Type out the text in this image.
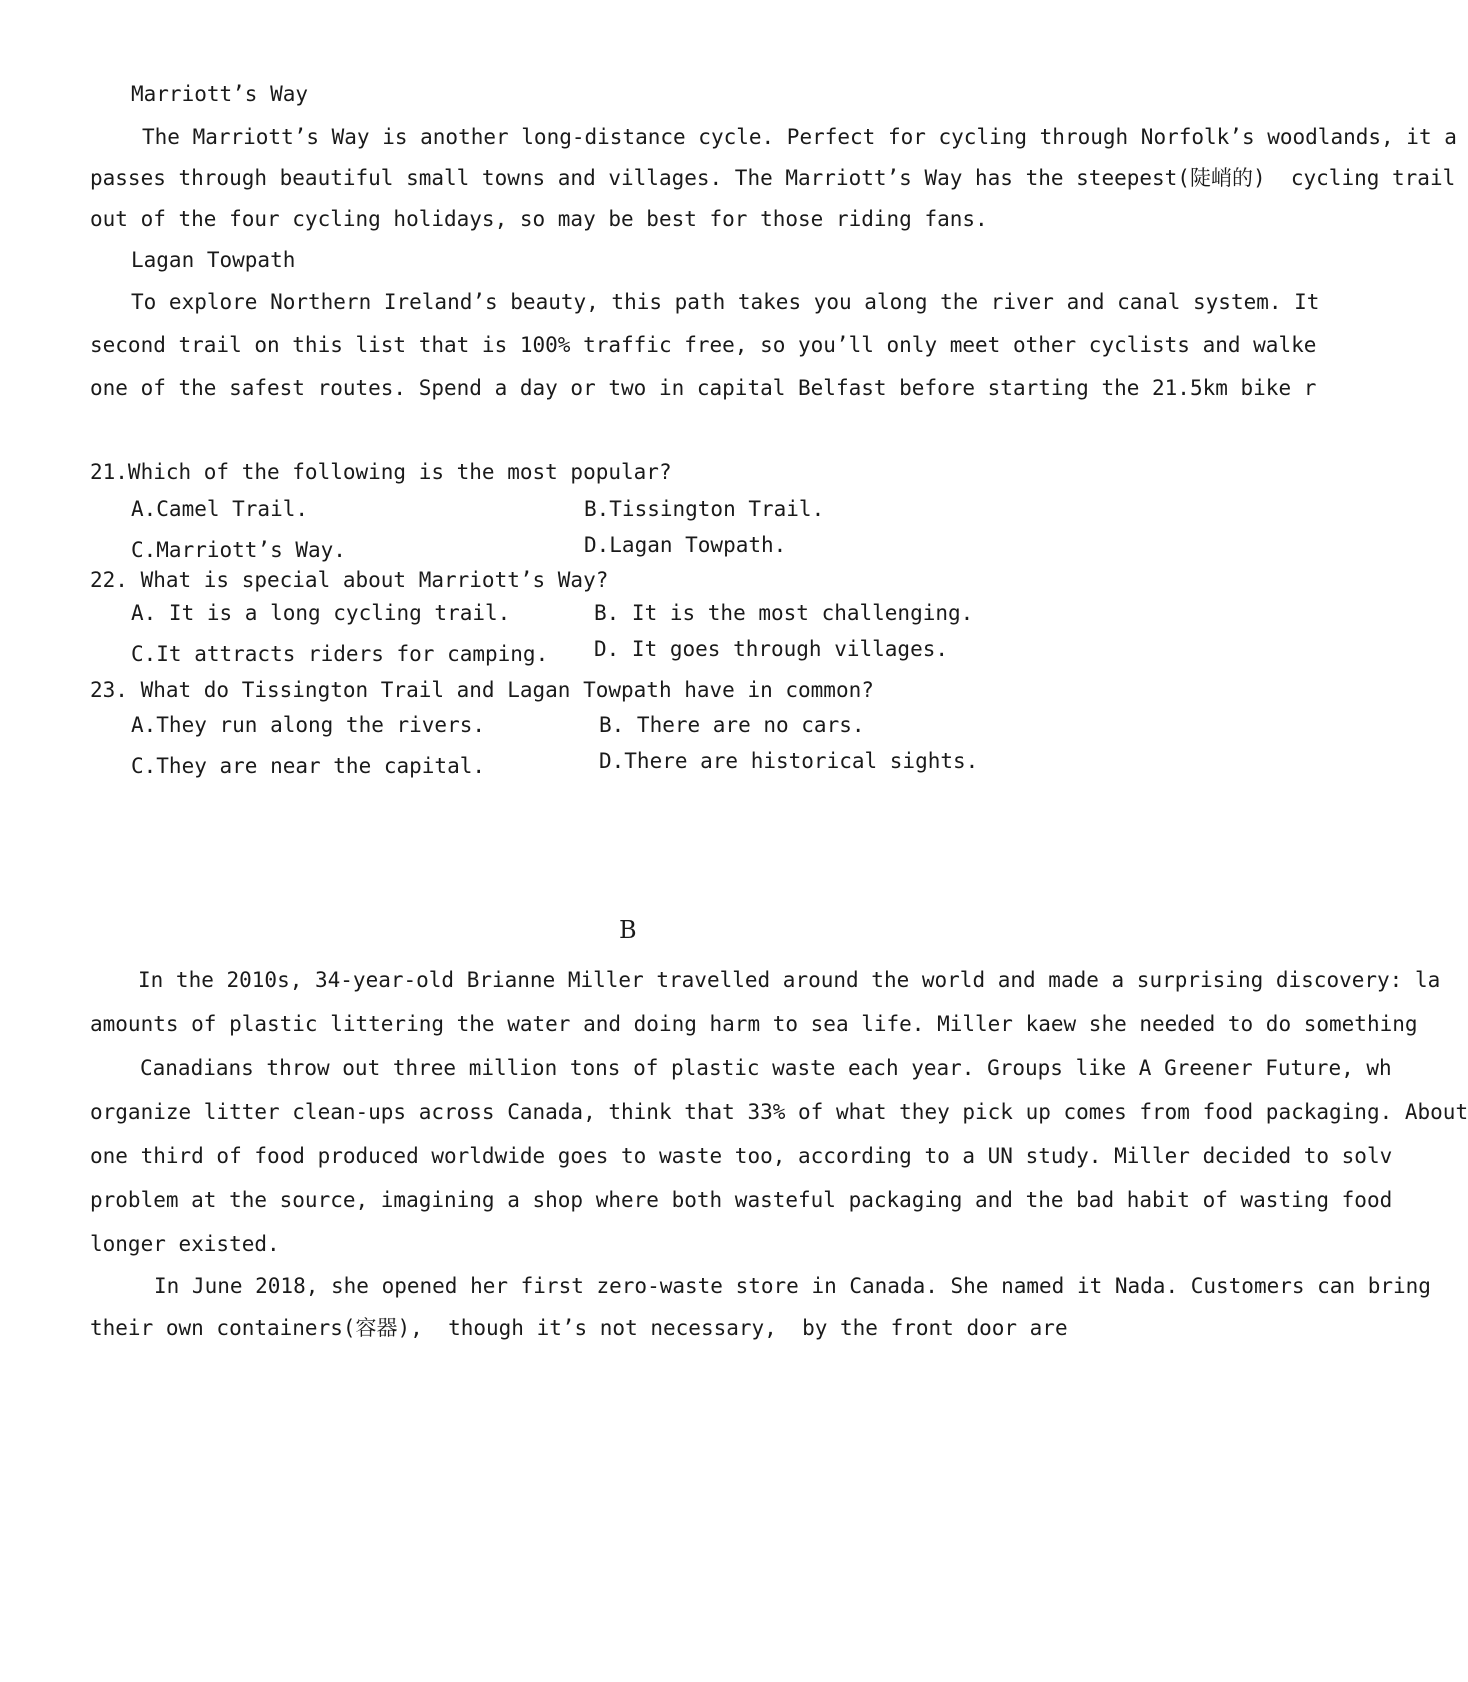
Marriott’s Way
The Marriott’s Way is another long-distance cycle. Perfect for cycling through Norfolk’s woodlands, it a
passes through beautiful small towns and villages. The Marriott’s Way has the steepest(陡峭的)  cycling trail
out of the four cycling holidays, so may be best for those riding fans.
Lagan Towpath
To explore Northern Ireland’s beauty, this path takes you along the river and canal system. It
second trail on this list that is 100% traffic free, so you’ll only meet other cyclists and walke
one of the safest routes. Spend a day or two in capital Belfast before starting the 21.5km bike r
21.Which of the following is the most popular?
A.Camel Trail.	B.Tissington Trail.
C.Marriott’s Way.	D.Lagan Towpath.
22. What is special about Marriott’s Way?
A. It is a long cycling trail.	B. It is the most challenging.
C.It attracts riders for camping.	D. It goes through villages.
23. What do Tissington Trail and Lagan Towpath have in common?
A.They run along the rivers.	B. There are no cars.
C.They are near the capital.	D.There are historical sights.
B
In the 2010s, 34-year-old Brianne Miller travelled around the world and made a surprising discovery: la
amounts of plastic littering the water and doing harm to sea life. Miller kaew she needed to do something
Canadians throw out three million tons of plastic waste each year. Groups like A Greener Future, wh
organize litter clean-ups across Canada, think that 33% of what they pick up comes from food packaging. About
one third of food produced worldwide goes to waste too, according to a UN study. Miller decided to solv
problem at the source, imagining a shop where both wasteful packaging and the bad habit of wasting food
longer existed.
In June 2018, she opened her first zero-waste store in Canada. She named it Nada. Customers can bring
their own containers(容器),  though it’s not necessary,  by the front door are
